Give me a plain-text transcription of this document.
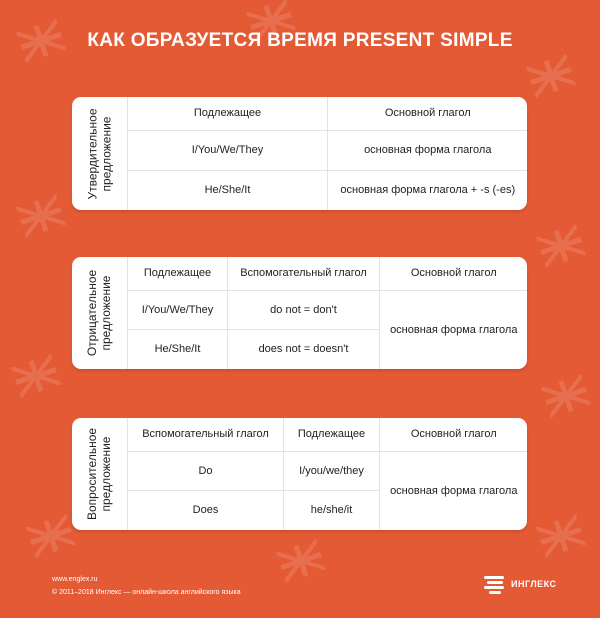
КАК ОБРАЗУЕТСЯ ВРЕМЯ PRESENT SIMPLE
Утвердительное
предложение
Подлежащее	Основной глагол
I/You/We/They	основная форма глагола
He/She/It	основная форма глагола + -s (-es)
Отрицательное
предложение
Подлежащее	Вспомогательный глагол	Основной глагол
I/You/We/They	do not = don't	основная форма глагола
He/She/It	does not = doesn't	
Вопросительное
предложение
Вспомогательный глагол	Подлежащее	Основной глагол
Do	I/you/we/they	основная форма глагола
Does	he/she/it	
www.englex.ru
© 2011–2018 Инглекс — онлайн-школа английского языка
ИНГЛЕКС
